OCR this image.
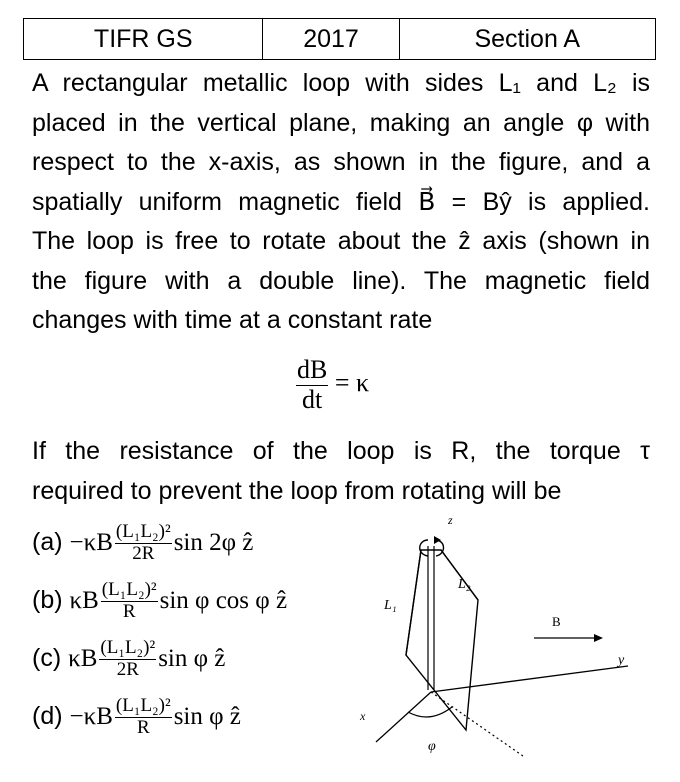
TIFR GS	2017	Section A
A rectangular metallic loop with sides L₁ and L₂ is
placed in the vertical plane, making an angle φ with
respect to the x-axis, as shown in the figure, and a
spatially uniform magnetic field B⃗ = Bŷ is applied.
The loop is free to rotate about the ẑ axis (shown in
the figure with a double line). The magnetic field
changes with time at a constant rate
$\frac{dB}{dt} = \kappa$
If the resistance of the loop is R, the torque τ
required to prevent the loop from rotating will be
$(a) -\kappa B \frac{\text{(L₁L₂)²}}{2R}$ sin 2φ ẑ
(b) κB $\frac{\text{(L₁L₂)²}}{R}$ sin φ cos φ ẑ
(c) κB $\frac{\text{(L₁L₂)²}}{2R}$ sin φ ẑ
$(d) -\kappa B \frac{\text{(L₁L₂)²}}{R}$ sin φ ẑ
z
y
x
B
L₁
L₂
φ
